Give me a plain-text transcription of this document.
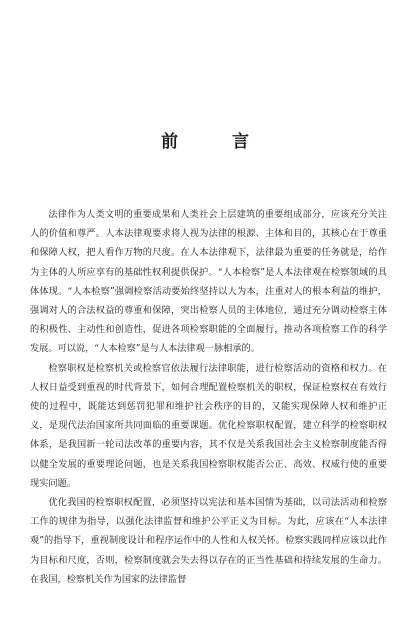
前 言

法律作为人类文明的重要成果和人类社会上层建筑的重要组成部分，应该充分关注人的价值和尊严。人本法律观要求将人视为法律的根源、主体和目的，其核心在于尊重和保障人权，把人看作万物的尺度。在人本法律观下，法律最为重要的任务就是，给作为主体的人所应享有的基础性权利提供保护。“人本检察”是人本法律观在检察领域的具体体现。“人本检察”强调检察活动要始终坚持以人为本，注重对人的根本利益的维护，强调对人的合法权益的尊重和保障，突出检察人员的主体地位，通过充分调动检察主体的积极性、主动性和创造性，促进各项检察职能的全面履行，推动各项检察工作的科学发展。可以说，“人本检察”是与人本法律观一脉相承的。

检察职权是检察机关或检察官依法履行法律职能，进行检察活动的资格和权力。在人权日益受到重视的时代背景下，如何合理配置检察机关的职权，保证检察权在有效行使的过程中，既能达到惩罚犯罪和维护社会秩序的目的，又能实现保障人权和维护正义，是现代法治国家所共同面临的重要课题。优化检察职权配置，建立科学的检察职权体系，是我国新一轮司法改革的重要内容，其不仅是关系我国社会主义检察制度能否得以健全发展的重要理论问题，也是关系我国检察职权能否公正、高效、权威行使的重要现实问题。

优化我国的检察职权配置，必须坚持以宪法和基本国情为基础，以司法活动和检察工作的规律为指导，以强化法律监督和维护公平正义为目标。为此，应该在“人本法律观”的指导下，重视制度设计和程序运作中的人性和人权关怀。检察实践同样应该以此作为目标和尺度，否则，检察制度就会失去得以存在的正当性基础和持续发展的生命力。在我国，检察机关作为国家的法律监督
